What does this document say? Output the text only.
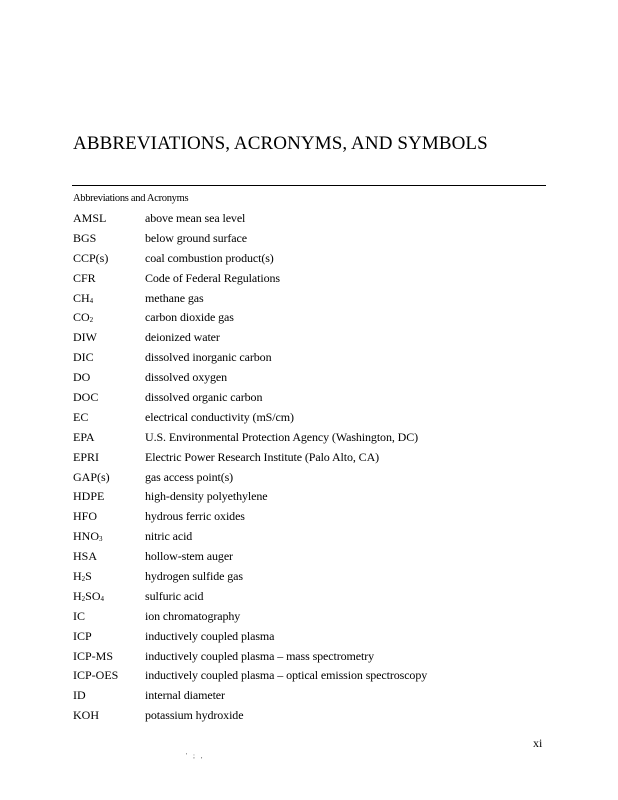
ABBREVIATIONS, ACRONYMS, AND SYMBOLS
Abbreviations and Acronyms
AMSL	above mean sea level
BGS	below ground surface
CCP(s)	coal combustion product(s)
CFR	Code of Federal Regulations
CH4	methane gas
CO2	carbon dioxide gas
DIW	deionized water
DIC	dissolved inorganic carbon
DO	dissolved oxygen
DOC	dissolved organic carbon
EC	electrical conductivity (mS/cm)
EPA	U.S. Environmental Protection Agency (Washington, DC)
EPRI	Electric Power Research Institute (Palo Alto, CA)
GAP(s)	gas access point(s)
HDPE	high-density polyethylene
HFO	hydrous ferric oxides
HNO3	nitric acid
HSA	hollow-stem auger
H2S	hydrogen sulfide gas
H2SO4	sulfuric acid
IC	ion chromatography
ICP	inductively coupled plasma
ICP-MS	inductively coupled plasma – mass spectrometry
ICP-OES	inductively coupled plasma – optical emission spectroscopy
ID	internal diameter
KOH	potassium hydroxide
xi
' ; ,
